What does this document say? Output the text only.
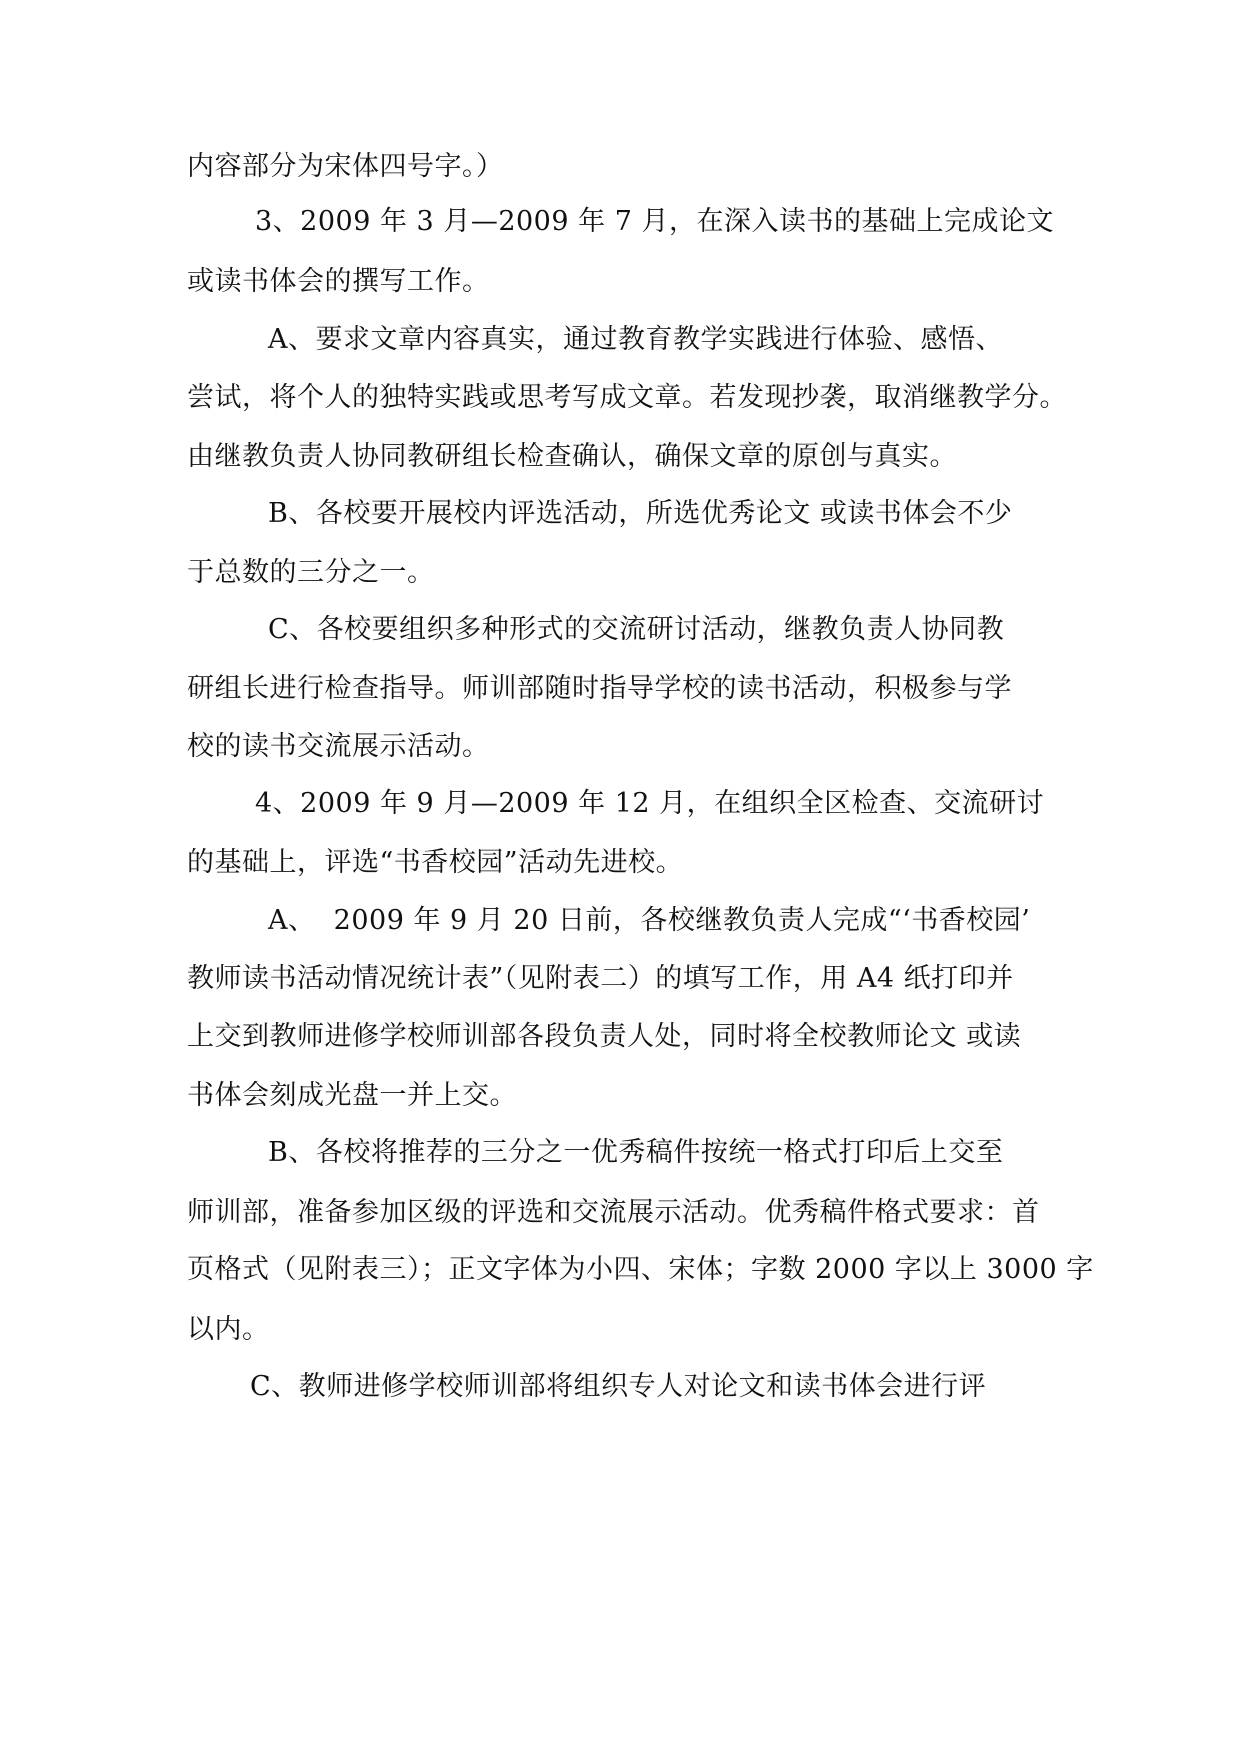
内容部分为宋体四号字。）
3、2009 年 3 月—2009 年 7 月，在深入读书的基础上完成论文
或读书体会的撰写工作。
A、要求文章内容真实，通过教育教学实践进行体验、感悟、
尝试，将个人的独特实践或思考写成文章。若发现抄袭，取消继教学分。
由继教负责人协同教研组长检查确认，确保文章的原创与真实。
B、各校要开展校内评选活动，所选优秀论文 或读书体会不少
于总数的三分之一。
C、各校要组织多种形式的交流研讨活动，继教负责人协同教
研组长进行检查指导。师训部随时指导学校的读书活动，积极参与学
校的读书交流展示活动。
4、2009 年 9 月—2009 年 12 月，在组织全区检查、交流研讨
的基础上，评选“书香校园”活动先进校。
A、  2009 年 9 月 20 日前，各校继教负责人完成“‘书香校园’
教师读书活动情况统计表”（见附表二）的填写工作，用 A4 纸打印并
上交到教师进修学校师训部各段负责人处，同时将全校教师论文 或读
书体会刻成光盘一并上交。
B、各校将推荐的三分之一优秀稿件按统一格式打印后上交至
师训部，准备参加区级的评选和交流展示活动。优秀稿件格式要求：首
页格式（见附表三）；正文字体为小四、宋体；字数 2000 字以上 3000 字
以内。
C、教师进修学校师训部将组织专人对论文和读书体会进行评
